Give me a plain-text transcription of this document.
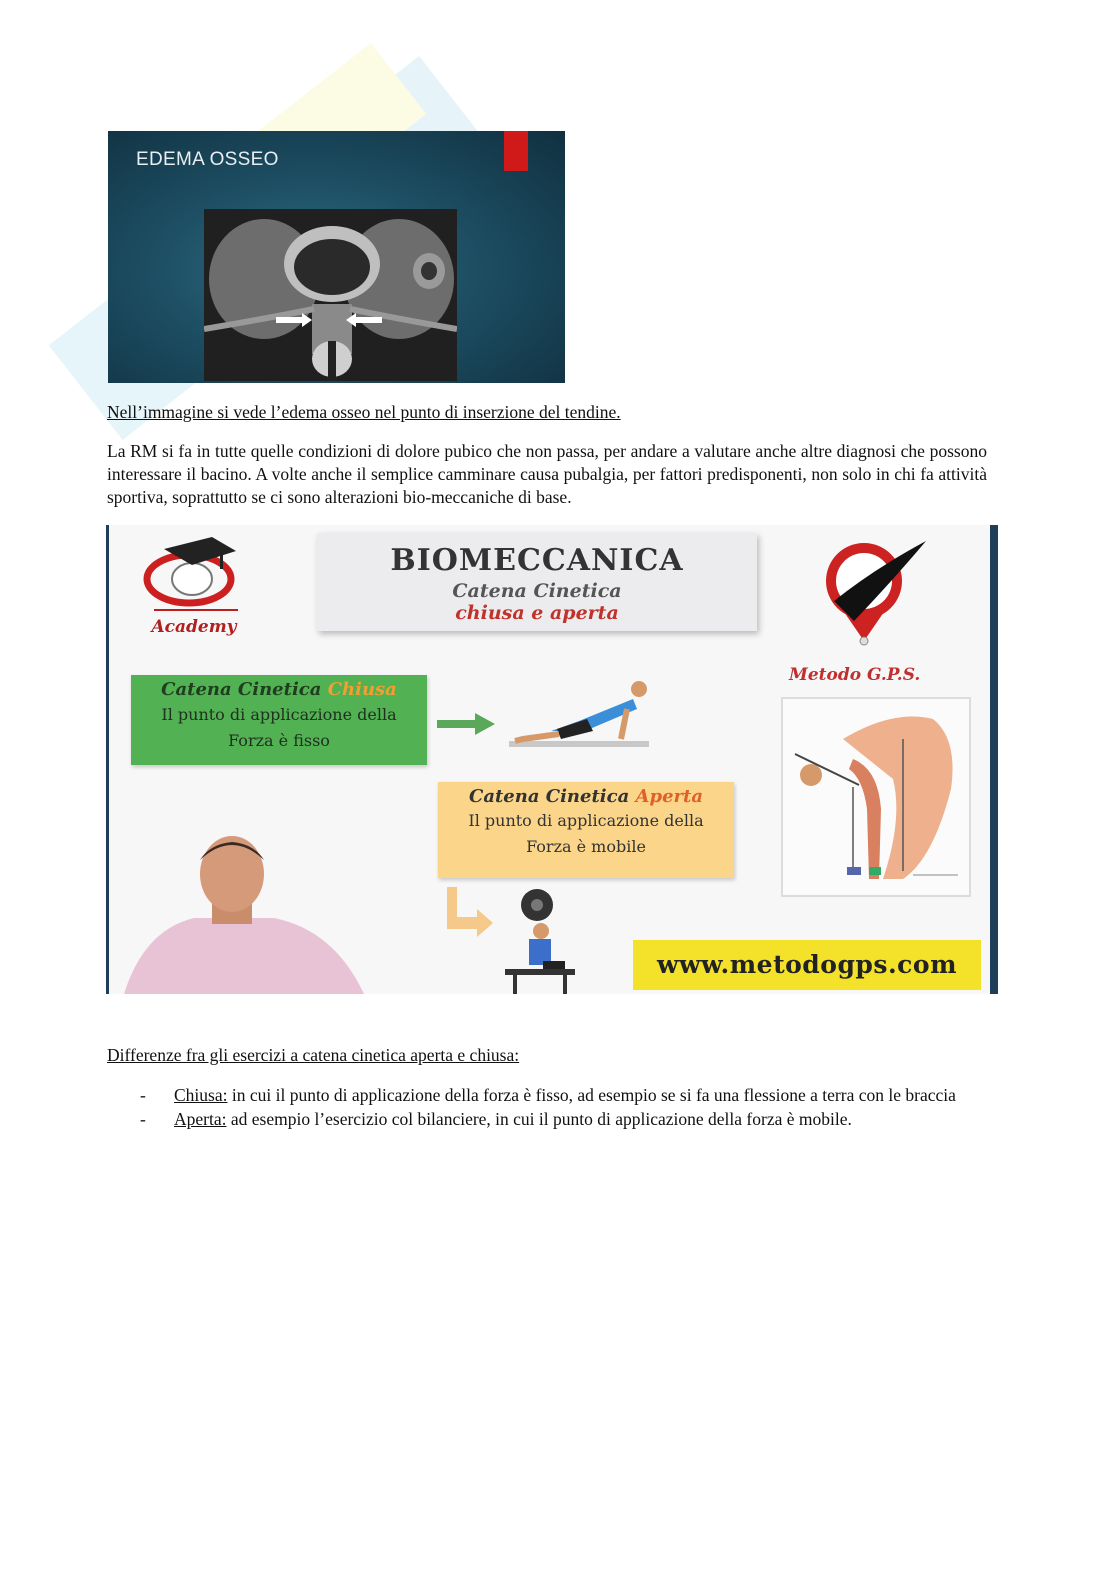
EDEMA OSSEO
Nell’immagine si vede l’edema osseo nel punto di inserzione del tendine.
La RM si fa in tutte quelle condizioni di dolore pubico che non passa, per andare a valutare anche altre diagnosi che possono interessare il bacino. A volte anche il semplice camminare causa pubalgia, per fattori predisponenti, non solo in chi fa attività sportiva, soprattutto se ci sono alterazioni bio-meccaniche di base.
Academy
BIOMECCANICA
Catena Cinetica
chiusa e aperta
Metodo G.P.S.
Catena Cinetica Chiusa
Il punto di applicazione della
Forza è fisso
Catena Cinetica Aperta
Il punto di applicazione della
Forza è mobile
www.metodogps.com
Differenze fra gli esercizi a catena cinetica aperta e chiusa:
- Chiusa: in cui il punto di applicazione della forza è fisso, ad esempio se si fa una flessione a terra con le braccia
- Aperta: ad esempio l’esercizio col bilanciere, in cui il punto di applicazione della forza è mobile.
